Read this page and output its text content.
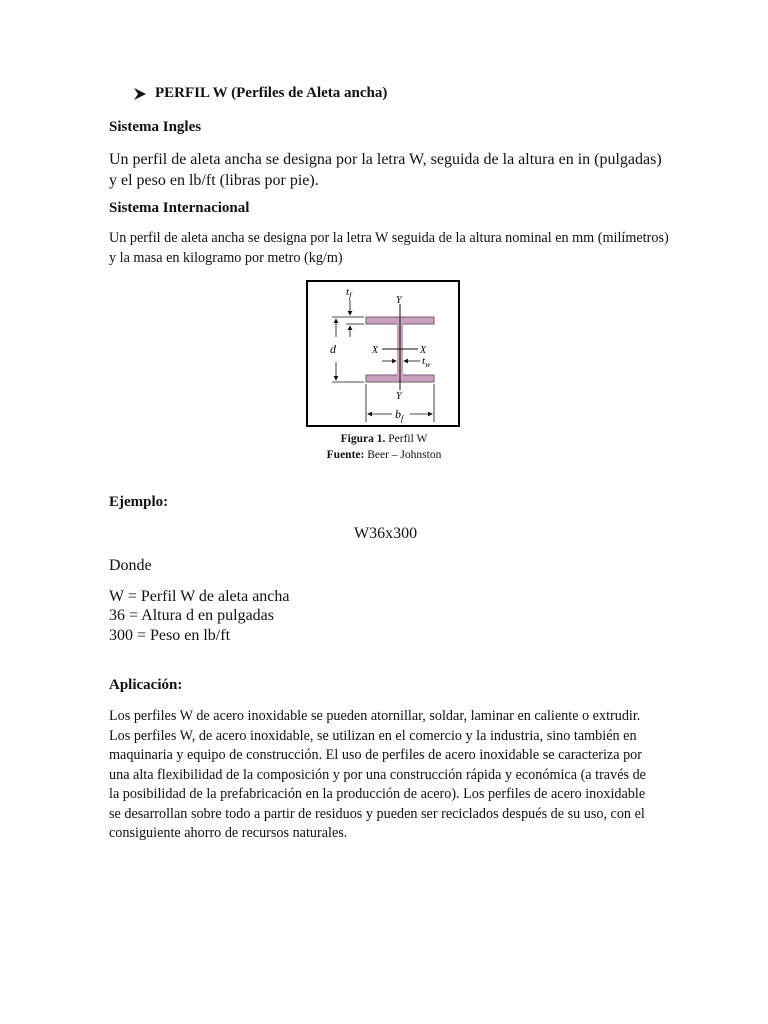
PERFIL W (Perfiles de Aleta ancha)
Sistema Ingles
Un perfil de aleta ancha se designa por la letra W, seguida de la altura en in (pulgadas) y el peso en lb/ft (libras por pie).
Sistema Internacional
Un perfil de aleta ancha se designa por la letra W seguida de la altura nominal en mm (milímetros) y la masa en kilogramo por metro (kg/m)
$t_f$	Y
d	X	X
$t_w$
Y
$b_f$
Figura 1. Perfil W
Fuente: Beer – Johnston
Ejemplo:
W36x300
Donde
W = Perfil W de aleta ancha
36 = Altura d en pulgadas
300 = Peso en lb/ft
Aplicación:
Los perfiles W de acero inoxidable se pueden atornillar, soldar, laminar en caliente o extrudir. Los perfiles W, de acero inoxidable, se utilizan en el comercio y la industria, sino también en maquinaria y equipo de construcción. El uso de perfiles de acero inoxidable se caracteriza por una alta flexibilidad de la composición y por una construcción rápida y económica (a través de la posibilidad de la prefabricación en la producción de acero). Los perfiles de acero inoxidable se desarrollan sobre todo a partir de residuos y pueden ser reciclados después de su uso, con el consiguiente ahorro de recursos naturales.
